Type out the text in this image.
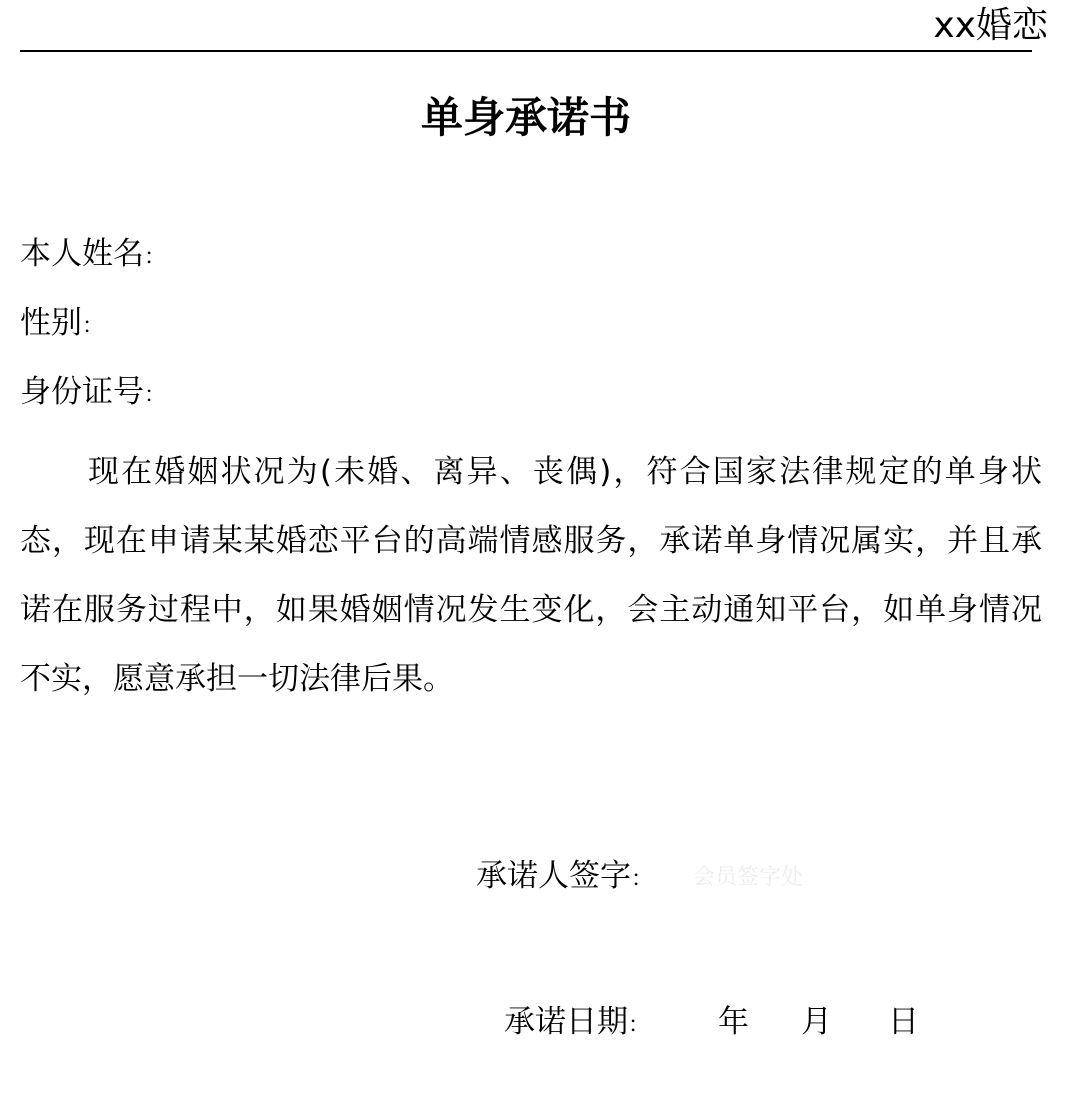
xx婚恋
单身承诺书
本人姓名：
性别：
身份证号：

现在婚姻状况为(未婚、离异、丧偶)，符合国家法律规定的单身状态，现在申请某某婚恋平台的高端情感服务，承诺单身情况属实，并且承诺在服务过程中，如果婚姻情况发生变化，会主动通知平台，如单身情况不实，愿意承担一切法律后果。

承诺人签字： 会员签字处
承诺日期： 年 月 日
